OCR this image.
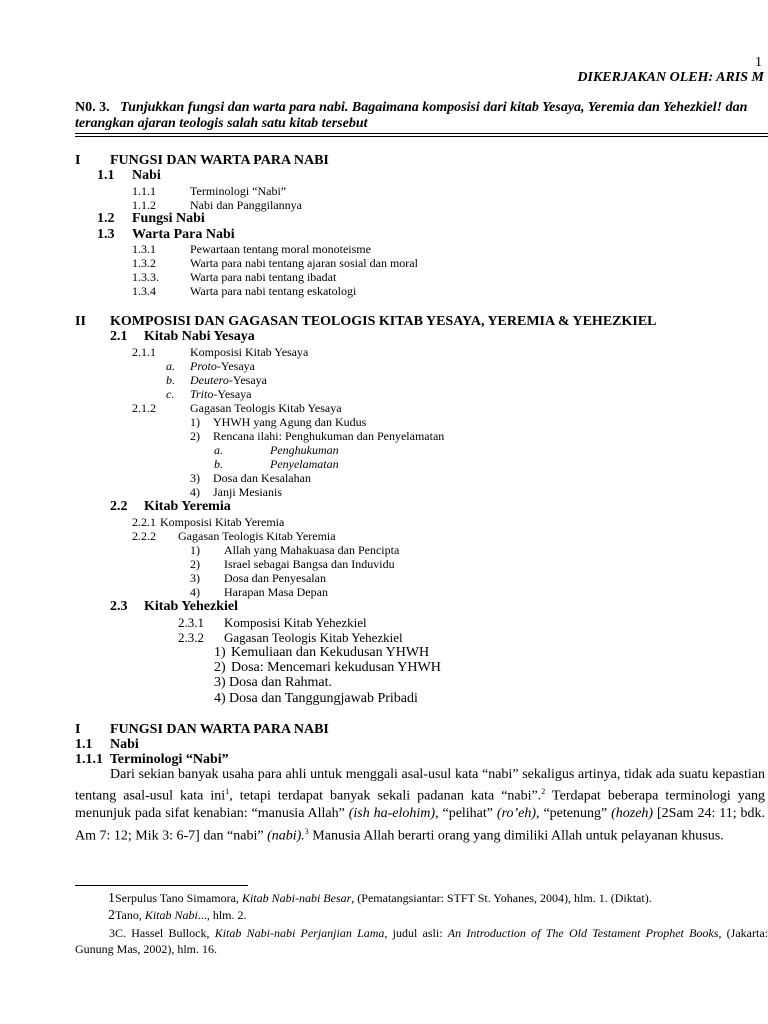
1
DIKERJAKAN OLEH: ARIS M
N0. 3. Tunjukkan fungsi dan warta para nabi. Bagaimana komposisi dari kitab Yesaya, Yeremia dan Yehezkiel! dan
terangkan ajaran teologis salah satu kitab tersebut
I FUNGSI DAN WARTA PARA NABI
1.1 Nabi
1.1.1	Terminologi “Nabi”
1.1.2	Nabi dan Panggilannya
1.2 Fungsi Nabi
1.3 Warta Para Nabi
1.3.1	Pewartaan tentang moral monoteisme
1.3.2	Warta para nabi tentang ajaran sosial dan moral
1.3.3.	Warta para nabi tentang ibadat
1.3.4	Warta para nabi tentang eskatologi
II KOMPOSISI DAN GAGASAN TEOLOGIS KITAB YESAYA, YEREMIA & YEHEZKIEL
2.1 Kitab Nabi Yesaya
2.1.1	Komposisi Kitab Yesaya
a. Proto-Yesaya
b. Deutero-Yesaya
c. Trito-Yesaya
2.1.2	Gagasan Teologis Kitab Yesaya
1) YHWH yang Agung dan Kudus
2) Rencana ilahi: Penghukuman dan Penyelamatan
a.	Penghukuman
b.	Penyelamatan
3) Dosa dan Kesalahan
4) Janji Mesianis
2.2 Kitab Yeremia
2.2.1 Komposisi Kitab Yeremia
2.2.2 Gagasan Teologis Kitab Yeremia
1) Allah yang Mahakuasa dan Pencipta
2) Israel sebagai Bangsa dan Induvidu
3) Dosa dan Penyesalan
4) Harapan Masa Depan
2.3 Kitab Yehezkiel
2.3.1 Komposisi Kitab Yehezkiel
2.3.2 Gagasan Teologis Kitab Yehezkiel
1) Kemuliaan dan Kekudusan YHWH
2) Dosa: Mencemari kekudusan YHWH
3) Dosa dan Rahmat.
4) Dosa dan Tanggungjawab Pribadi
I FUNGSI DAN WARTA PARA NABI
1.1 Nabi
1.1.1 Terminologi “Nabi”
Dari sekian banyak usaha para ahli untuk menggali asal-usul kata “nabi” sekaligus artinya, tidak ada suatu kepastian tentang asal-usul kata ini$^1$, tetapi terdapat banyak sekali padanan kata “nabi”.$^2$ Terdapat beberapa terminologi yang menunjuk pada sifat kenabian: “manusia Allah” (ish ha-elohim), “pelihat” (ro’eh), “petenung” (hozeh) [2Sam 24: 11; bdk. Am 7: 12; Mik 3: 6-7] dan “nabi” (nabi).$^3$ Manusia Allah berarti orang yang dimiliki Allah untuk pelayanan khusus.
1Serpulus Tano Simamora, Kitab Nabi-nabi Besar, (Pematangsiantar: STFT St. Yohanes, 2004), hlm. 1. (Diktat).
2Tano, Kitab Nabi..., hlm. 2.
3C. Hassel Bullock, Kitab Nabi-nabi Perjanjian Lama, judul asli: An Introduction of The Old Testament Prophet Books, (Jakarta: Gunung Mas, 2002), hlm. 16.
